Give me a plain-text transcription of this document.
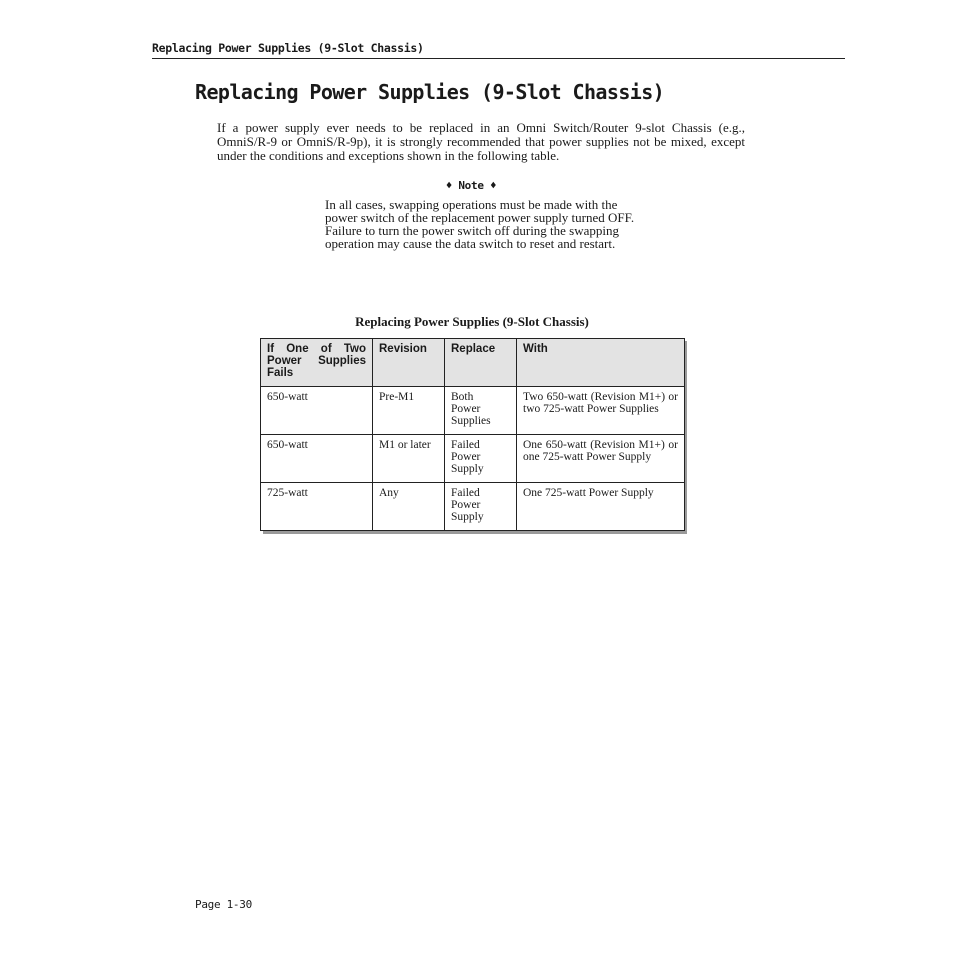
Replacing Power Supplies (9-Slot Chassis)
Replacing Power Supplies (9-Slot Chassis)

If a power supply ever needs to be replaced in an Omni Switch/Router 9-slot Chassis (e.g., OmniS/R-9 or OmniS/R-9p), it is strongly recommended that power supplies not be mixed, except under the conditions and exceptions shown in the following table.

♦ Note ♦

In all cases, swapping operations must be made with the power switch of the replacement power supply turned OFF. Failure to turn the power switch off during the swapping operation may cause the data switch to reset and restart.

Replacing Power Supplies (9-Slot Chassis)
If One of Two Power Supplies Fails	Revision	Replace	With
650-watt	Pre-M1	Both Power Supplies	Two 650-watt (Revision M1+) or two 725-watt Power Supplies
650-watt	M1 or later	Failed Power Supply	One 650-watt (Revision M1+) or one 725-watt Power Supply
725-watt	Any	Failed Power Supply	One 725-watt Power Supply
Page 1-30
